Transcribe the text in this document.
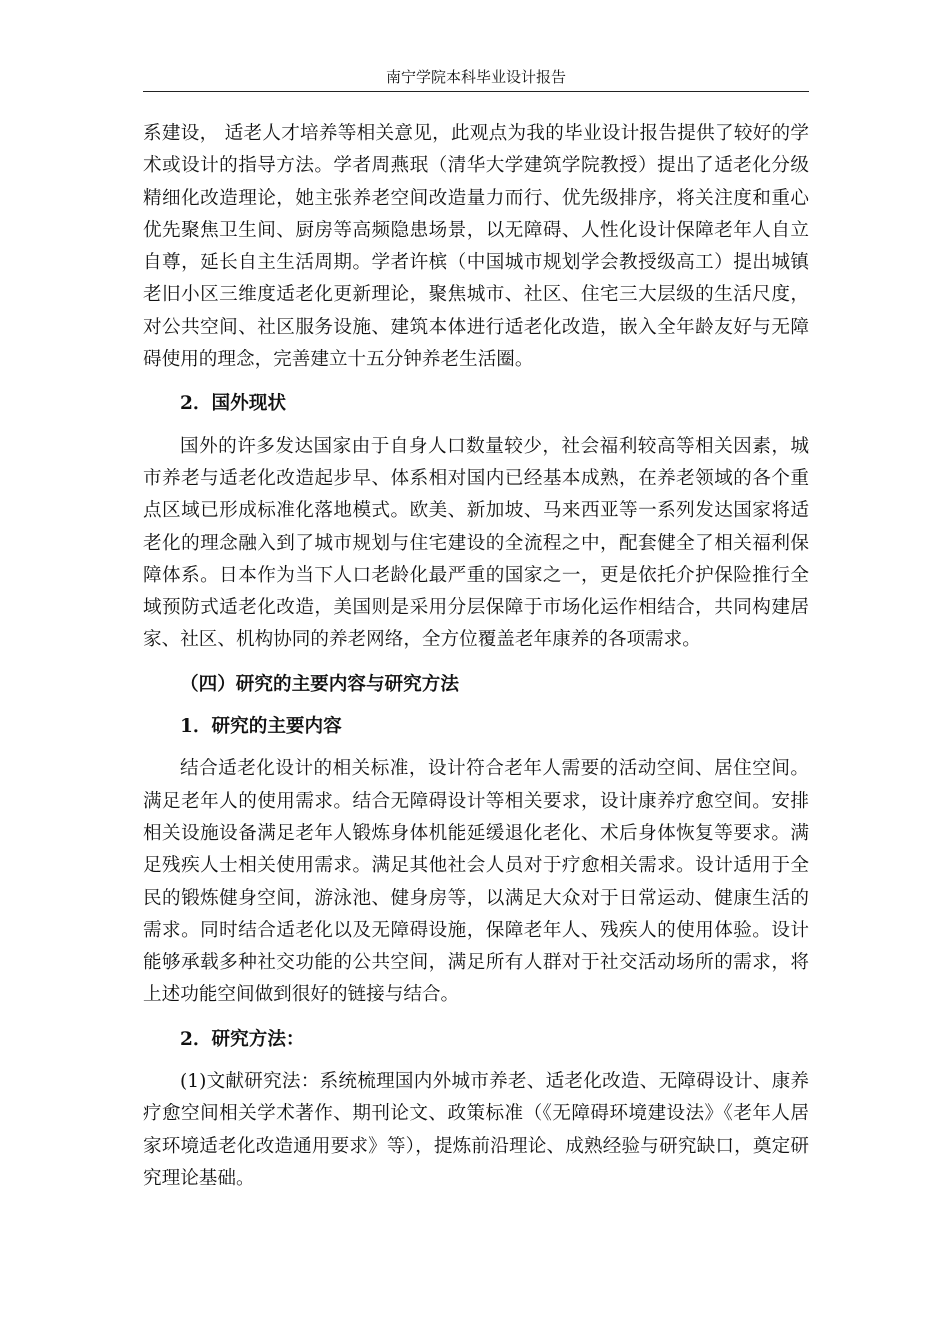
南宁学院本科毕业设计报告

系建设， 适老人才培养等相关意见，此观点为我的毕业设计报告提供了较好的学术或设计的指导方法。学者周燕珉（清华大学建筑学院教授）提出了适老化分级精细化改造理论，她主张养老空间改造量力而行、优先级排序，将关注度和重心优先聚焦卫生间、厨房等高频隐患场景，以无障碍、人性化设计保障老年人自立自尊，延长自主生活周期。学者许槟（中国城市规划学会教授级高工）提出城镇老旧小区三维度适老化更新理论，聚焦城市、社区、住宅三大层级的生活尺度，对公共空间、社区服务设施、建筑本体进行适老化改造，嵌入全年龄友好与无障碍使用的理念，完善建立十五分钟养老生活圈。

2．国外现状

国外的许多发达国家由于自身人口数量较少，社会福利较高等相关因素，城市养老与适老化改造起步早、体系相对国内已经基本成熟，在养老领域的各个重点区域已形成标准化落地模式。欧美、新加坡、马来西亚等一系列发达国家将适老化的理念融入到了城市规划与住宅建设的全流程之中，配套健全了相关福利保障体系。日本作为当下人口老龄化最严重的国家之一，更是依托介护保险推行全域预防式适老化改造，美国则是采用分层保障于市场化运作相结合，共同构建居家、社区、机构协同的养老网络，全方位覆盖老年康养的各项需求。

（四）研究的主要内容与研究方法

1．研究的主要内容

结合适老化设计的相关标准，设计符合老年人需要的活动空间、居住空间。满足老年人的使用需求。结合无障碍设计等相关要求，设计康养疗愈空间。安排相关设施设备满足老年人锻炼身体机能延缓退化老化、术后身体恢复等要求。满足残疾人士相关使用需求。满足其他社会人员对于疗愈相关需求。设计适用于全民的锻炼健身空间，游泳池、健身房等，以满足大众对于日常运动、健康生活的需求。同时结合适老化以及无障碍设施，保障老年人、残疾人的使用体验。设计能够承载多种社交功能的公共空间，满足所有人群对于社交活动场所的需求，将上述功能空间做到很好的链接与结合。

2．研究方法：

(1)文献研究法：系统梳理国内外城市养老、适老化改造、无障碍设计、康养疗愈空间相关学术著作、期刊论文、政策标准（《无障碍环境建设法》《老年人居家环境适老化改造通用要求》等），提炼前沿理论、成熟经验与研究缺口，奠定研究理论基础。
